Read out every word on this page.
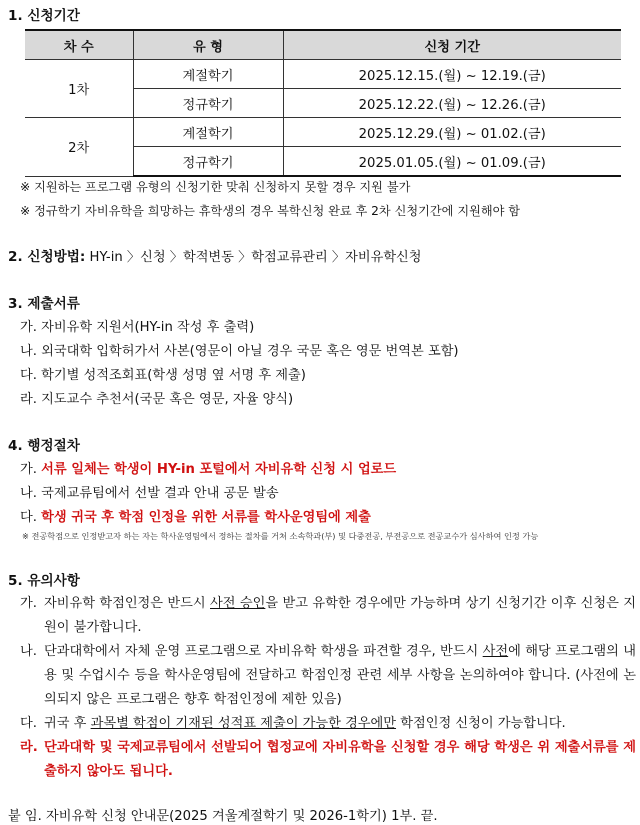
1. 신청기간
차 수	유 형	신청 기간
1차	계절학기	2025.12.15.(월) ~ 12.19.(금)
	정규학기	2025.12.22.(월) ~ 12.26.(금)
2차	계절학기	2025.12.29.(월) ~ 01.02.(금)
	정규학기	2025.01.05.(월) ~ 01.09.(금)
※ 지원하는 프로그램 유형의 신청기한 맞춰 신청하지 못할 경우 지원 불가
※ 정규학기 자비유학을 희망하는 휴학생의 경우 복학신청 완료 후 2차 신청기간에 지원해야 함
2. 신청방법: HY-in 〉신청 〉학적변동 〉학점교류관리 〉자비유학신청
3. 제출서류
가. 자비유학 지원서(HY-in 작성 후 출력)
나. 외국대학 입학허가서 사본(영문이 아닐 경우 국문 혹은 영문 번역본 포함)
다. 학기별 성적조회표(학생 성명 옆 서명 후 제출)
라. 지도교수 추천서(국문 혹은 영문, 자율 양식)
4. 행정절차
가. 서류 일체는 학생이 HY-in 포털에서 자비유학 신청 시 업로드
나. 국제교류팀에서 선발 결과 안내 공문 발송
다. 학생 귀국 후 학점 인정을 위한 서류를 학사운영팀에 제출
※ 전공학점으로 인정받고자 하는 자는 학사운영팀에서 정하는 절차를 거쳐 소속학과(부) 및 다중전공, 부전공으로 전공교수가 심사하여 인정 가능
5. 유의사항
가. 자비유학 학점인정은 반드시 사전 승인을 받고 유학한 경우에만 가능하며 상기 신청기간 이후 신청은 지원이 불가합니다.
나. 단과대학에서 자체 운영 프로그램으로 자비유학 학생을 파견할 경우, 반드시 사전에 해당 프로그램의 내용 및 수업시수 등을 학사운영팀에 전달하고 학점인정 관련 세부 사항을 논의하여야 합니다. (사전에 논의되지 않은 프로그램은 향후 학점인정에 제한 있음)
다. 귀국 후 과목별 학점이 기재된 성적표 제출이 가능한 경우에만 학점인정 신청이 가능합니다.
라. 단과대학 및 국제교류팀에서 선발되어 협정교에 자비유학을 신청할 경우 해당 학생은 위 제출서류를 제출하지 않아도 됩니다.
붙 임. 자비유학 신청 안내문(2025 겨울계절학기 및 2026-1학기) 1부. 끝.
